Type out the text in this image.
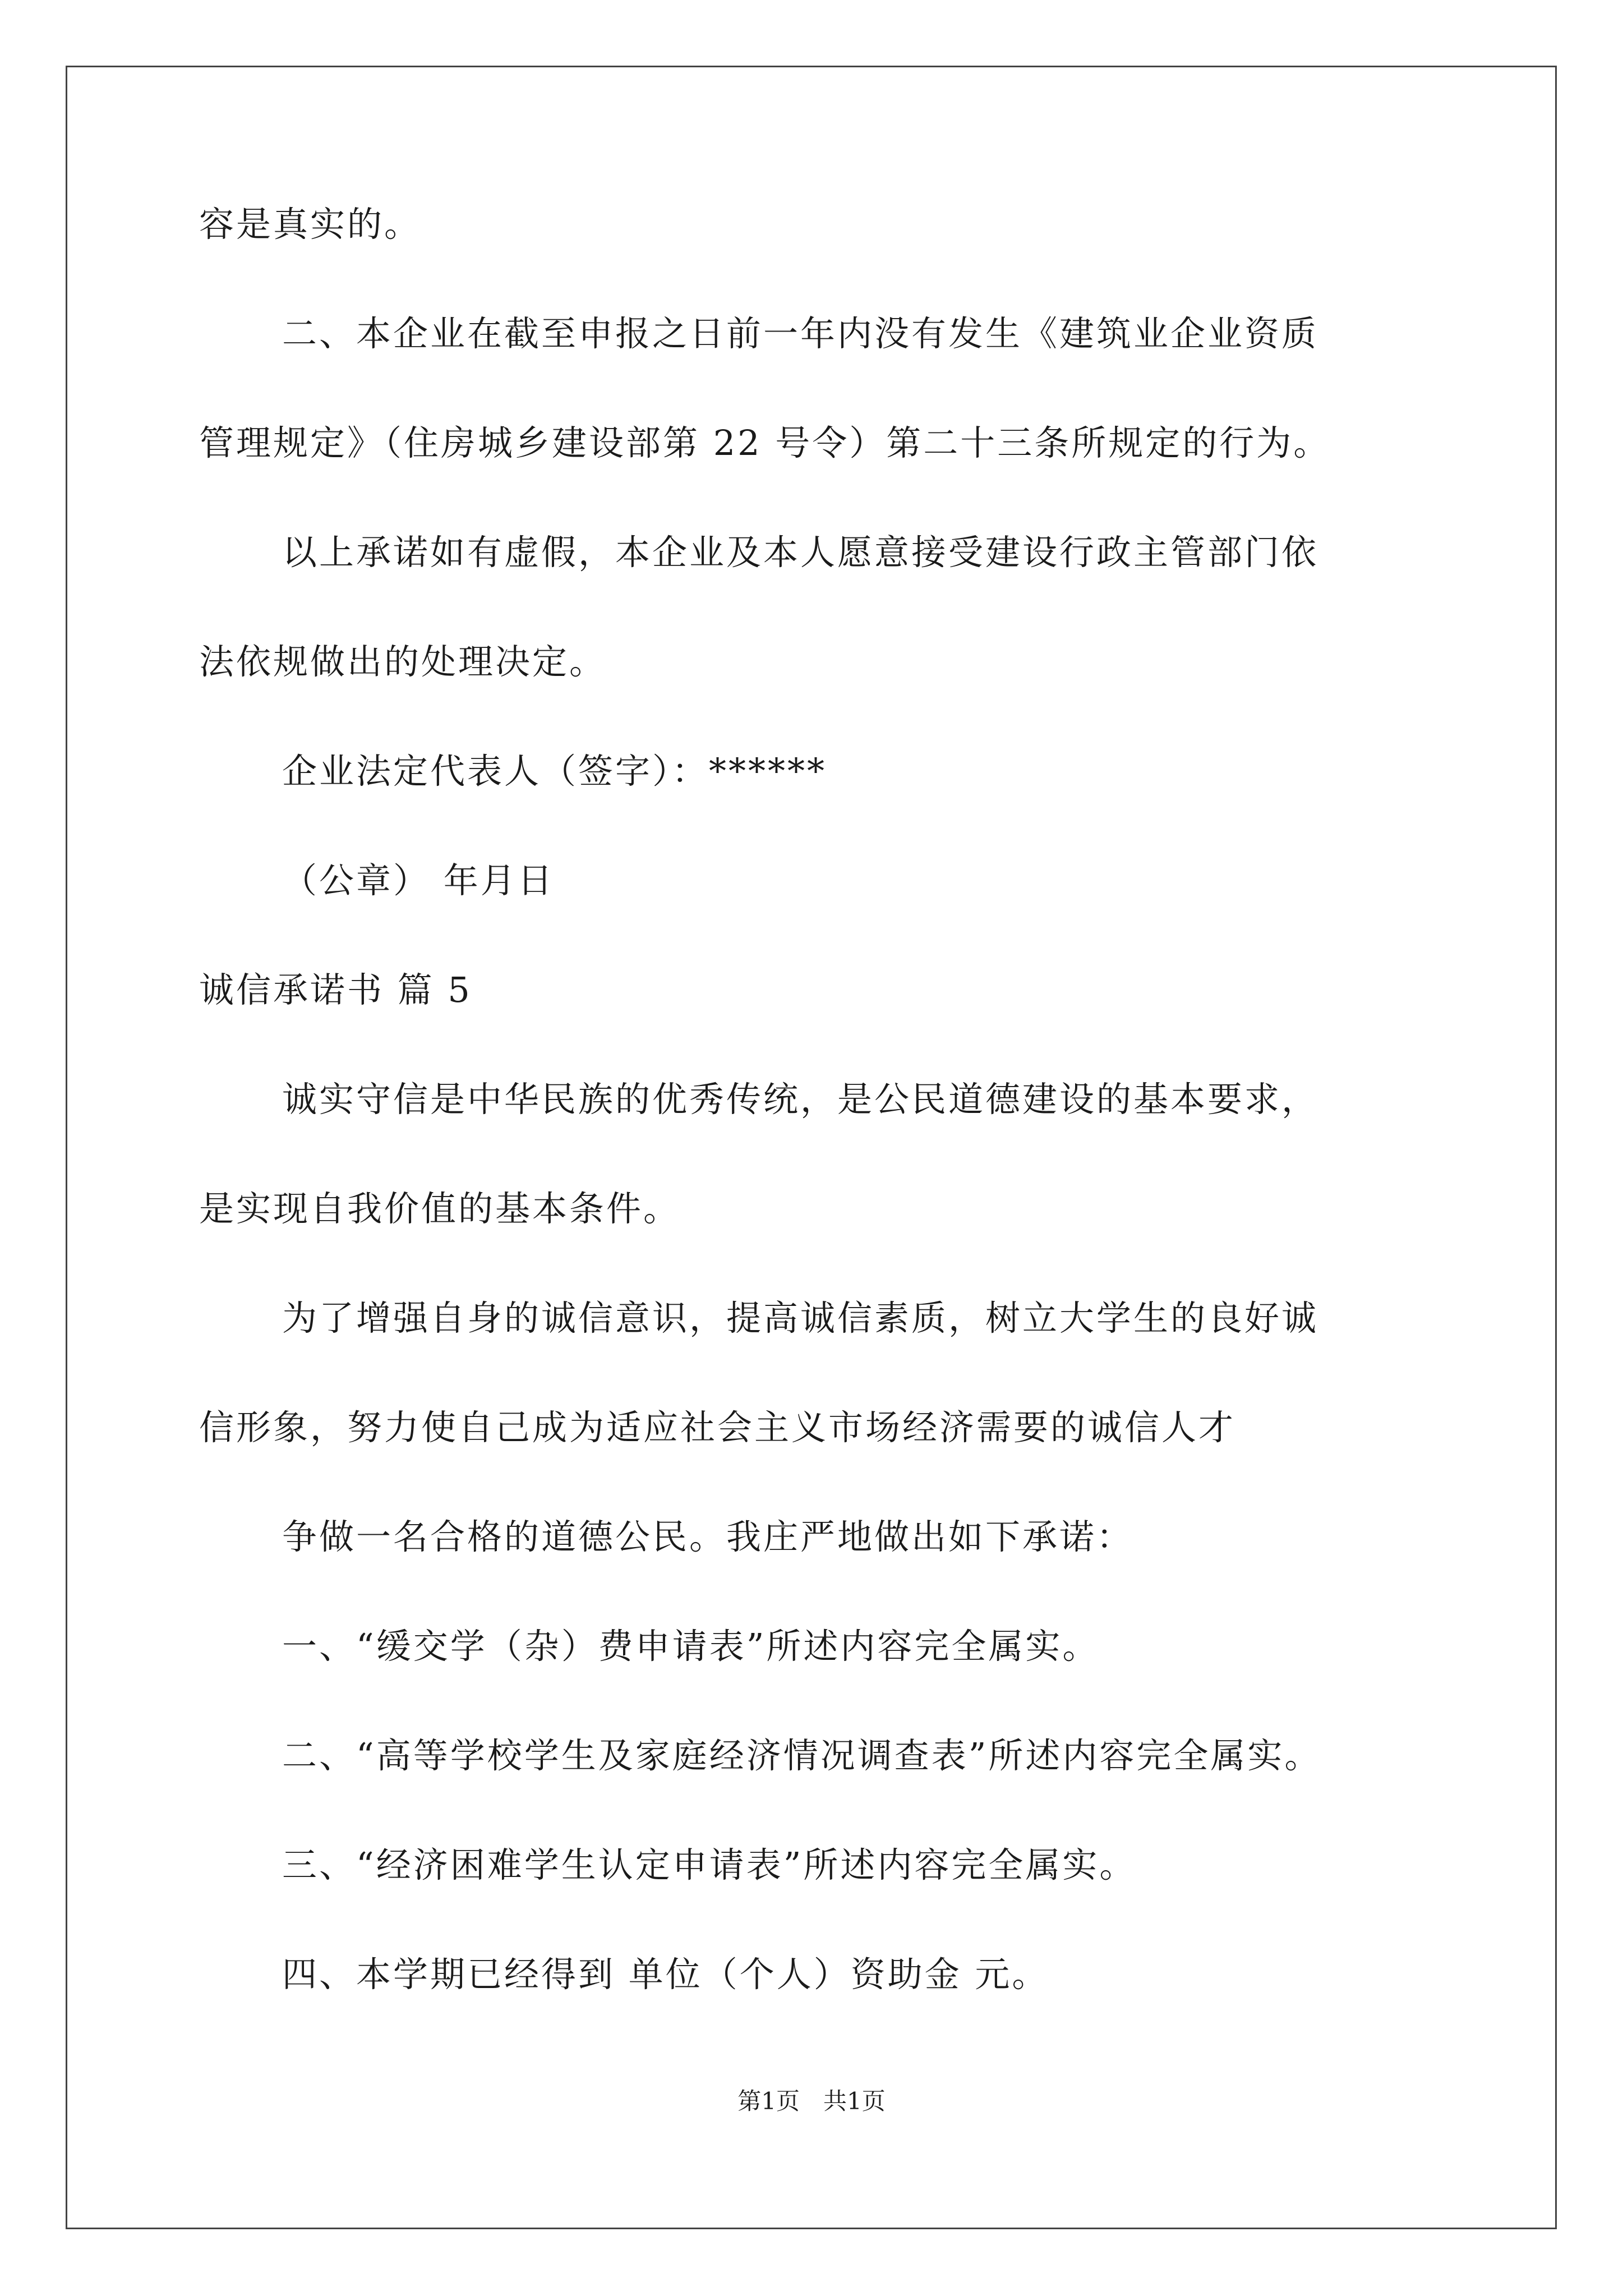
容是真实的。
二、本企业在截至申报之日前一年内没有发生《建筑业企业资质
管理规定》（住房城乡建设部第 22 号令）第二十三条所规定的行为。
以上承诺如有虚假，本企业及本人愿意接受建设行政主管部门依
法依规做出的处理决定。
企业法定代表人（签字）：******
（公章） 年月日
诚信承诺书 篇 5
诚实守信是中华民族的优秀传统，是公民道德建设的基本要求，
是实现自我价值的基本条件。
为了增强自身的诚信意识，提高诚信素质，树立大学生的良好诚
信形象，努力使自己成为适应社会主义市场经济需要的诚信人才
争做一名合格的道德公民。我庄严地做出如下承诺：
一、“缓交学（杂）费申请表”所述内容完全属实。
二、“高等学校学生及家庭经济情况调查表”所述内容完全属实。
三、“经济困难学生认定申请表”所述内容完全属实。
四、本学期已经得到 单位（个人）资助金 元。
第1页　共1页
